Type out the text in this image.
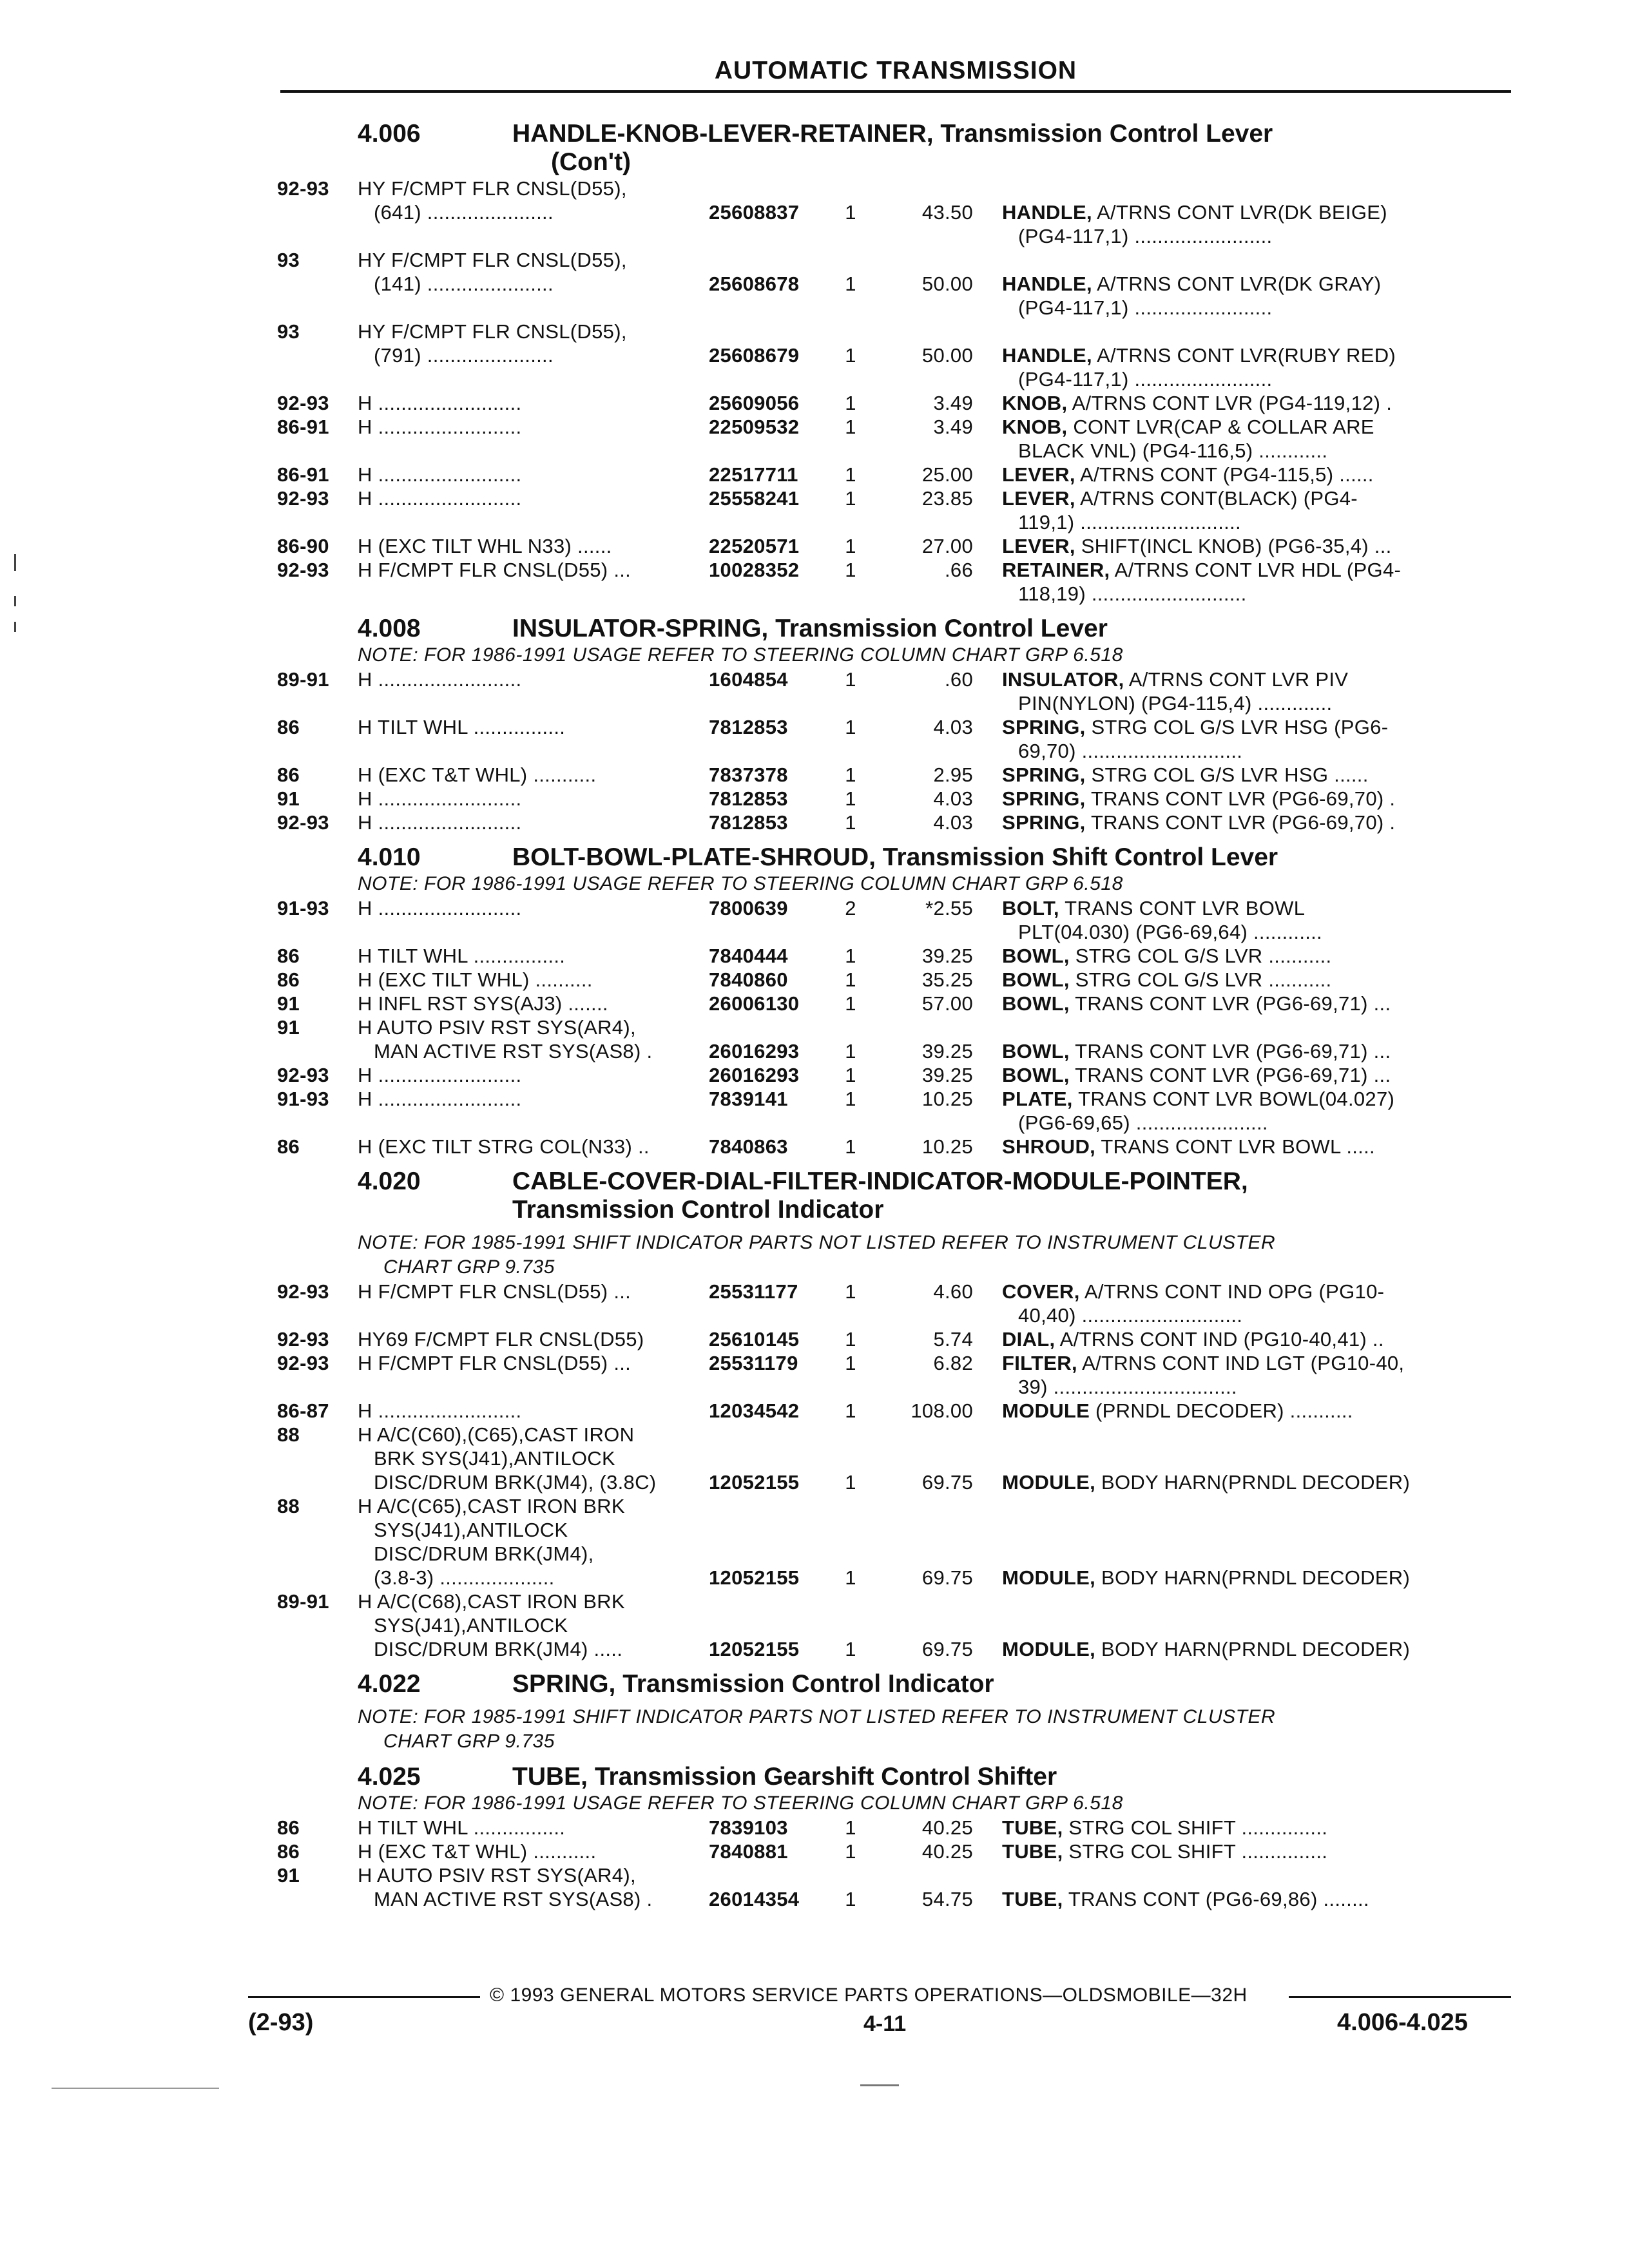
AUTOMATIC TRANSMISSION
4.006	HANDLE-KNOB-LEVER-RETAINER, Transmission Control Lever
(Con't)
92-93	HY F/CMPT FLR CNSL(D55),
(641) ......................	25608837	1	43.50	HANDLE, A/TRNS CONT LVR(DK BEIGE)
(PG4-117,1) ........................
93	HY F/CMPT FLR CNSL(D55),
(141) ......................	25608678	1	50.00	HANDLE, A/TRNS CONT LVR(DK GRAY)
(PG4-117,1) ........................
93	HY F/CMPT FLR CNSL(D55),
(791) ......................	25608679	1	50.00	HANDLE, A/TRNS CONT LVR(RUBY RED)
(PG4-117,1) ........................
92-93	H .........................	25609056	1	3.49	KNOB, A/TRNS CONT LVR (PG4-119,12) .
86-91	H .........................	22509532	1	3.49	KNOB, CONT LVR(CAP & COLLAR ARE
BLACK VNL) (PG4-116,5) ............
86-91	H .........................	22517711	1	25.00	LEVER, A/TRNS CONT (PG4-115,5) ......
92-93	H .........................	25558241	1	23.85	LEVER, A/TRNS CONT(BLACK) (PG4-
119,1) ............................
86-90	H (EXC TILT WHL N33) ......	22520571	1	27.00	LEVER, SHIFT(INCL KNOB) (PG6-35,4) ...
92-93	H F/CMPT FLR CNSL(D55) ...	10028352	1	.66	RETAINER, A/TRNS CONT LVR HDL (PG4-
118,19) ...........................
4.008	INSULATOR-SPRING, Transmission Control Lever
NOTE: FOR 1986-1991 USAGE REFER TO STEERING COLUMN CHART GRP 6.518
89-91	H .........................	1604854	1	.60	INSULATOR, A/TRNS CONT LVR PIV
PIN(NYLON) (PG4-115,4) .............
86	H TILT WHL ................	7812853	1	4.03	SPRING, STRG COL G/S LVR HSG (PG6-
69,70) ............................
86	H (EXC T&T WHL) ...........	7837378	1	2.95	SPRING, STRG COL G/S LVR HSG ......
91	H .........................	7812853	1	4.03	SPRING, TRANS CONT LVR (PG6-69,70) .
92-93	H .........................	7812853	1	4.03	SPRING, TRANS CONT LVR (PG6-69,70) .
4.010	BOLT-BOWL-PLATE-SHROUD, Transmission Shift Control Lever
NOTE: FOR 1986-1991 USAGE REFER TO STEERING COLUMN CHART GRP 6.518
91-93	H .........................	7800639	2	*2.55	BOLT, TRANS CONT LVR BOWL
PLT(04.030) (PG6-69,64) ............
86	H TILT WHL ................	7840444	1	39.25	BOWL, STRG COL G/S LVR ...........
86	H (EXC TILT WHL) ..........	7840860	1	35.25	BOWL, STRG COL G/S LVR ...........
91	H INFL RST SYS(AJ3) .......	26006130	1	57.00	BOWL, TRANS CONT LVR (PG6-69,71) ...
91	H AUTO PSIV RST SYS(AR4),
MAN ACTIVE RST SYS(AS8) .	26016293	1	39.25	BOWL, TRANS CONT LVR (PG6-69,71) ...
92-93	H .........................	26016293	1	39.25	BOWL, TRANS CONT LVR (PG6-69,71) ...
91-93	H .........................	7839141	1	10.25	PLATE, TRANS CONT LVR BOWL(04.027)
(PG6-69,65) .......................
86	H (EXC TILT STRG COL(N33) ..	7840863	1	10.25	SHROUD, TRANS CONT LVR BOWL .....
4.020	CABLE-COVER-DIAL-FILTER-INDICATOR-MODULE-POINTER,
Transmission Control Indicator
NOTE: FOR 1985-1991 SHIFT INDICATOR PARTS NOT LISTED REFER TO INSTRUMENT CLUSTER
CHART GRP 9.735
92-93	H F/CMPT FLR CNSL(D55) ...	25531177	1	4.60	COVER, A/TRNS CONT IND OPG (PG10-
40,40) ............................
92-93	HY69 F/CMPT FLR CNSL(D55)	25610145	1	5.74	DIAL, A/TRNS CONT IND (PG10-40,41) ..
92-93	H F/CMPT FLR CNSL(D55) ...	25531179	1	6.82	FILTER, A/TRNS CONT IND LGT (PG10-40,
39) ................................
86-87	H .........................	12034542	1	108.00	MODULE (PRNDL DECODER) ...........
88	H A/C(C60),(C65),CAST IRON
BRK SYS(J41),ANTILOCK
DISC/DRUM BRK(JM4), (3.8C)	12052155	1	69.75	MODULE, BODY HARN(PRNDL DECODER)
88	H A/C(C65),CAST IRON BRK
SYS(J41),ANTILOCK
DISC/DRUM BRK(JM4),
(3.8-3) ....................	12052155	1	69.75	MODULE, BODY HARN(PRNDL DECODER)
89-91	H A/C(C68),CAST IRON BRK
SYS(J41),ANTILOCK
DISC/DRUM BRK(JM4) .....	12052155	1	69.75	MODULE, BODY HARN(PRNDL DECODER)
4.022	SPRING, Transmission Control Indicator
NOTE: FOR 1985-1991 SHIFT INDICATOR PARTS NOT LISTED REFER TO INSTRUMENT CLUSTER
CHART GRP 9.735
4.025	TUBE, Transmission Gearshift Control Shifter
NOTE: FOR 1986-1991 USAGE REFER TO STEERING COLUMN CHART GRP 6.518
86	H TILT WHL ................	7839103	1	40.25	TUBE, STRG COL SHIFT ...............
86	H (EXC T&T WHL) ...........	7840881	1	40.25	TUBE, STRG COL SHIFT ...............
91	H AUTO PSIV RST SYS(AR4),
MAN ACTIVE RST SYS(AS8) .	26014354	1	54.75	TUBE, TRANS CONT (PG6-69,86) ........
© 1993 GENERAL MOTORS SERVICE PARTS OPERATIONS—OLDSMOBILE—32H
(2-93)	4-11	4.006-4.025
